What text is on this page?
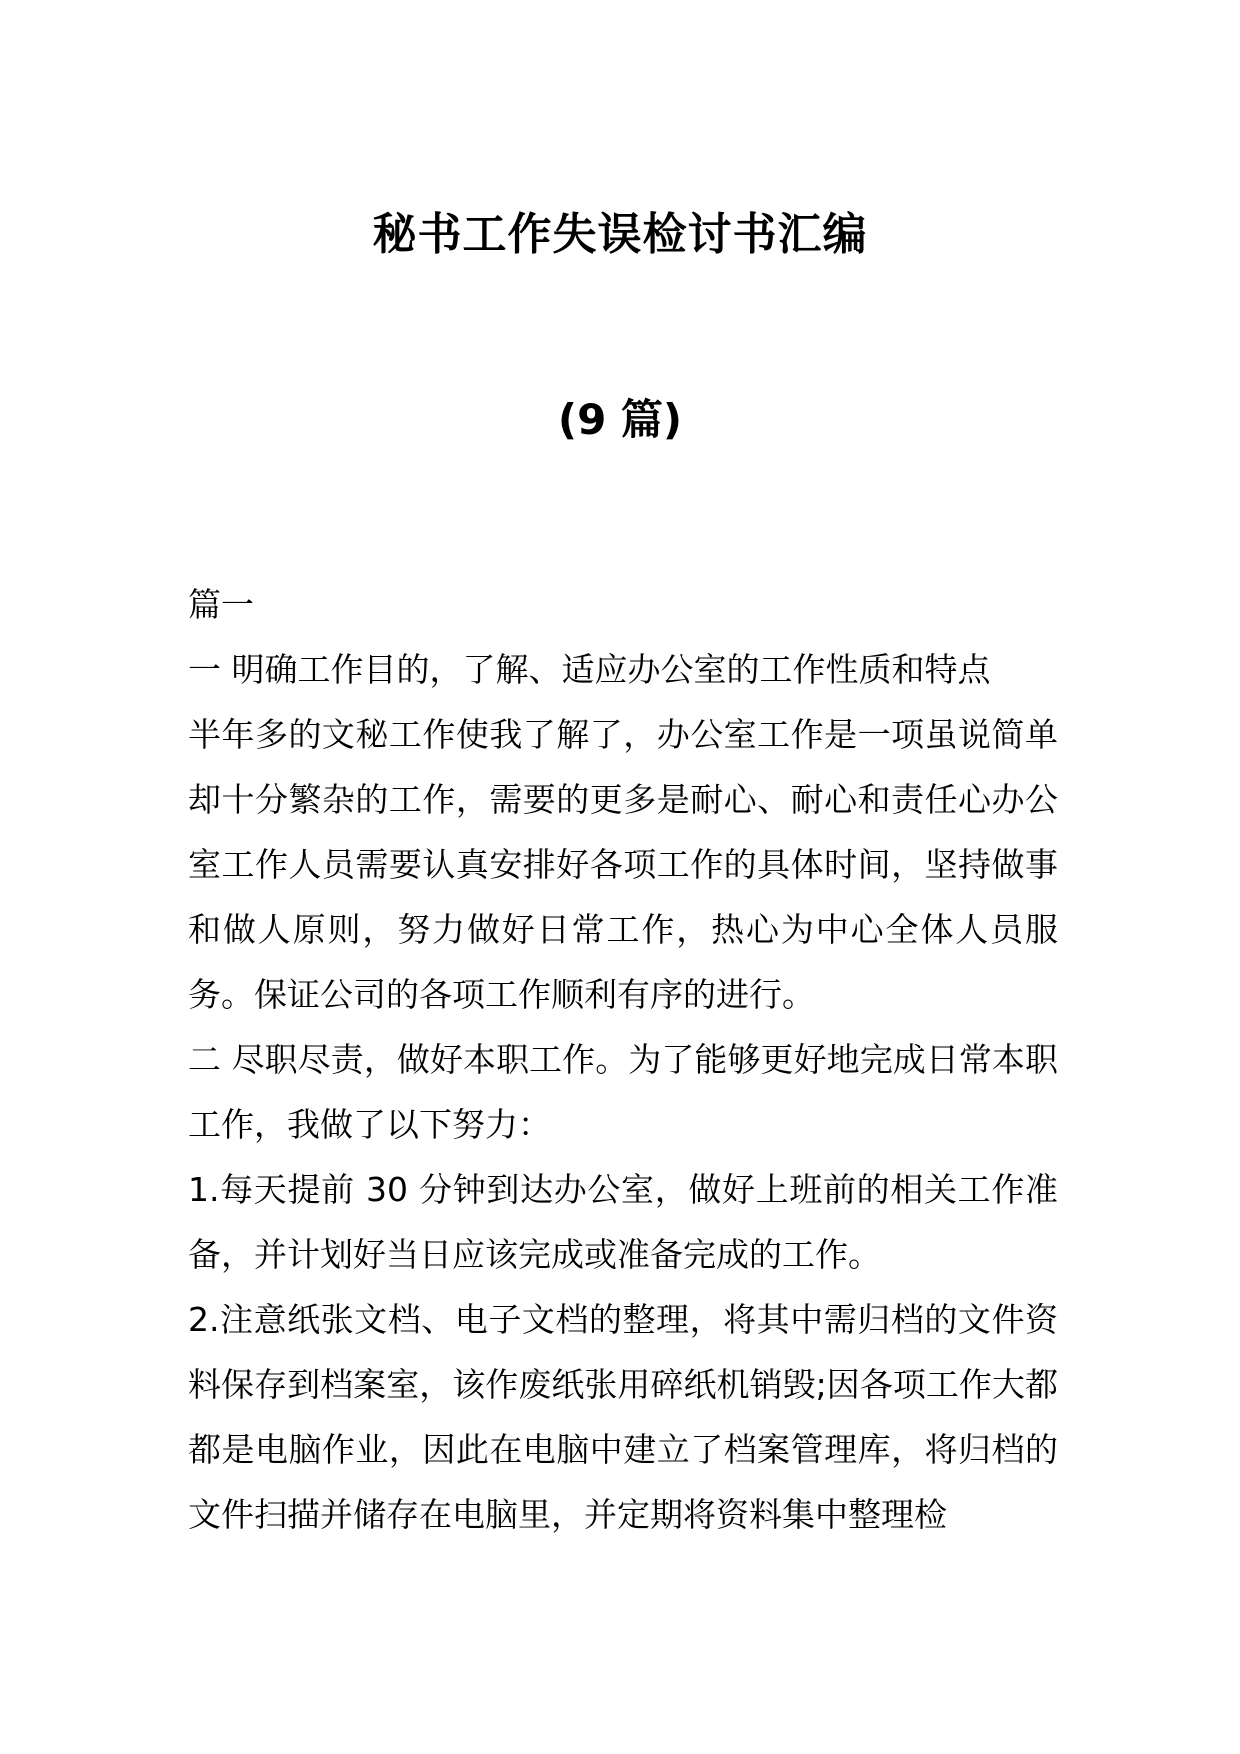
秘书工作失误检讨书汇编
(9 篇)

篇一

一 明确工作目的，了解、适应办公室的工作性质和特点

半年多的文秘工作使我了解了，办公室工作是一项虽说简单却十分繁杂的工作，需要的更多是耐心、耐心和责任心办公室工作人员需要认真安排好各项工作的具体时间，坚持做事和做人原则，努力做好日常工作，热心为中心全体人员服务。保证公司的各项工作顺利有序的进行。

二 尽职尽责，做好本职工作。为了能够更好地完成日常本职工作，我做了以下努力：

1.每天提前 30 分钟到达办公室，做好上班前的相关工作准备，并计划好当日应该完成或准备完成的工作。

2.注意纸张文档、电子文档的整理，将其中需归档的文件资料保存到档案室，该作废纸张用碎纸机销毁;因各项工作大都都是电脑作业，因此在电脑中建立了档案管理库，将归档的文件扫描并储存在电脑里，并定期将资料集中整理检
